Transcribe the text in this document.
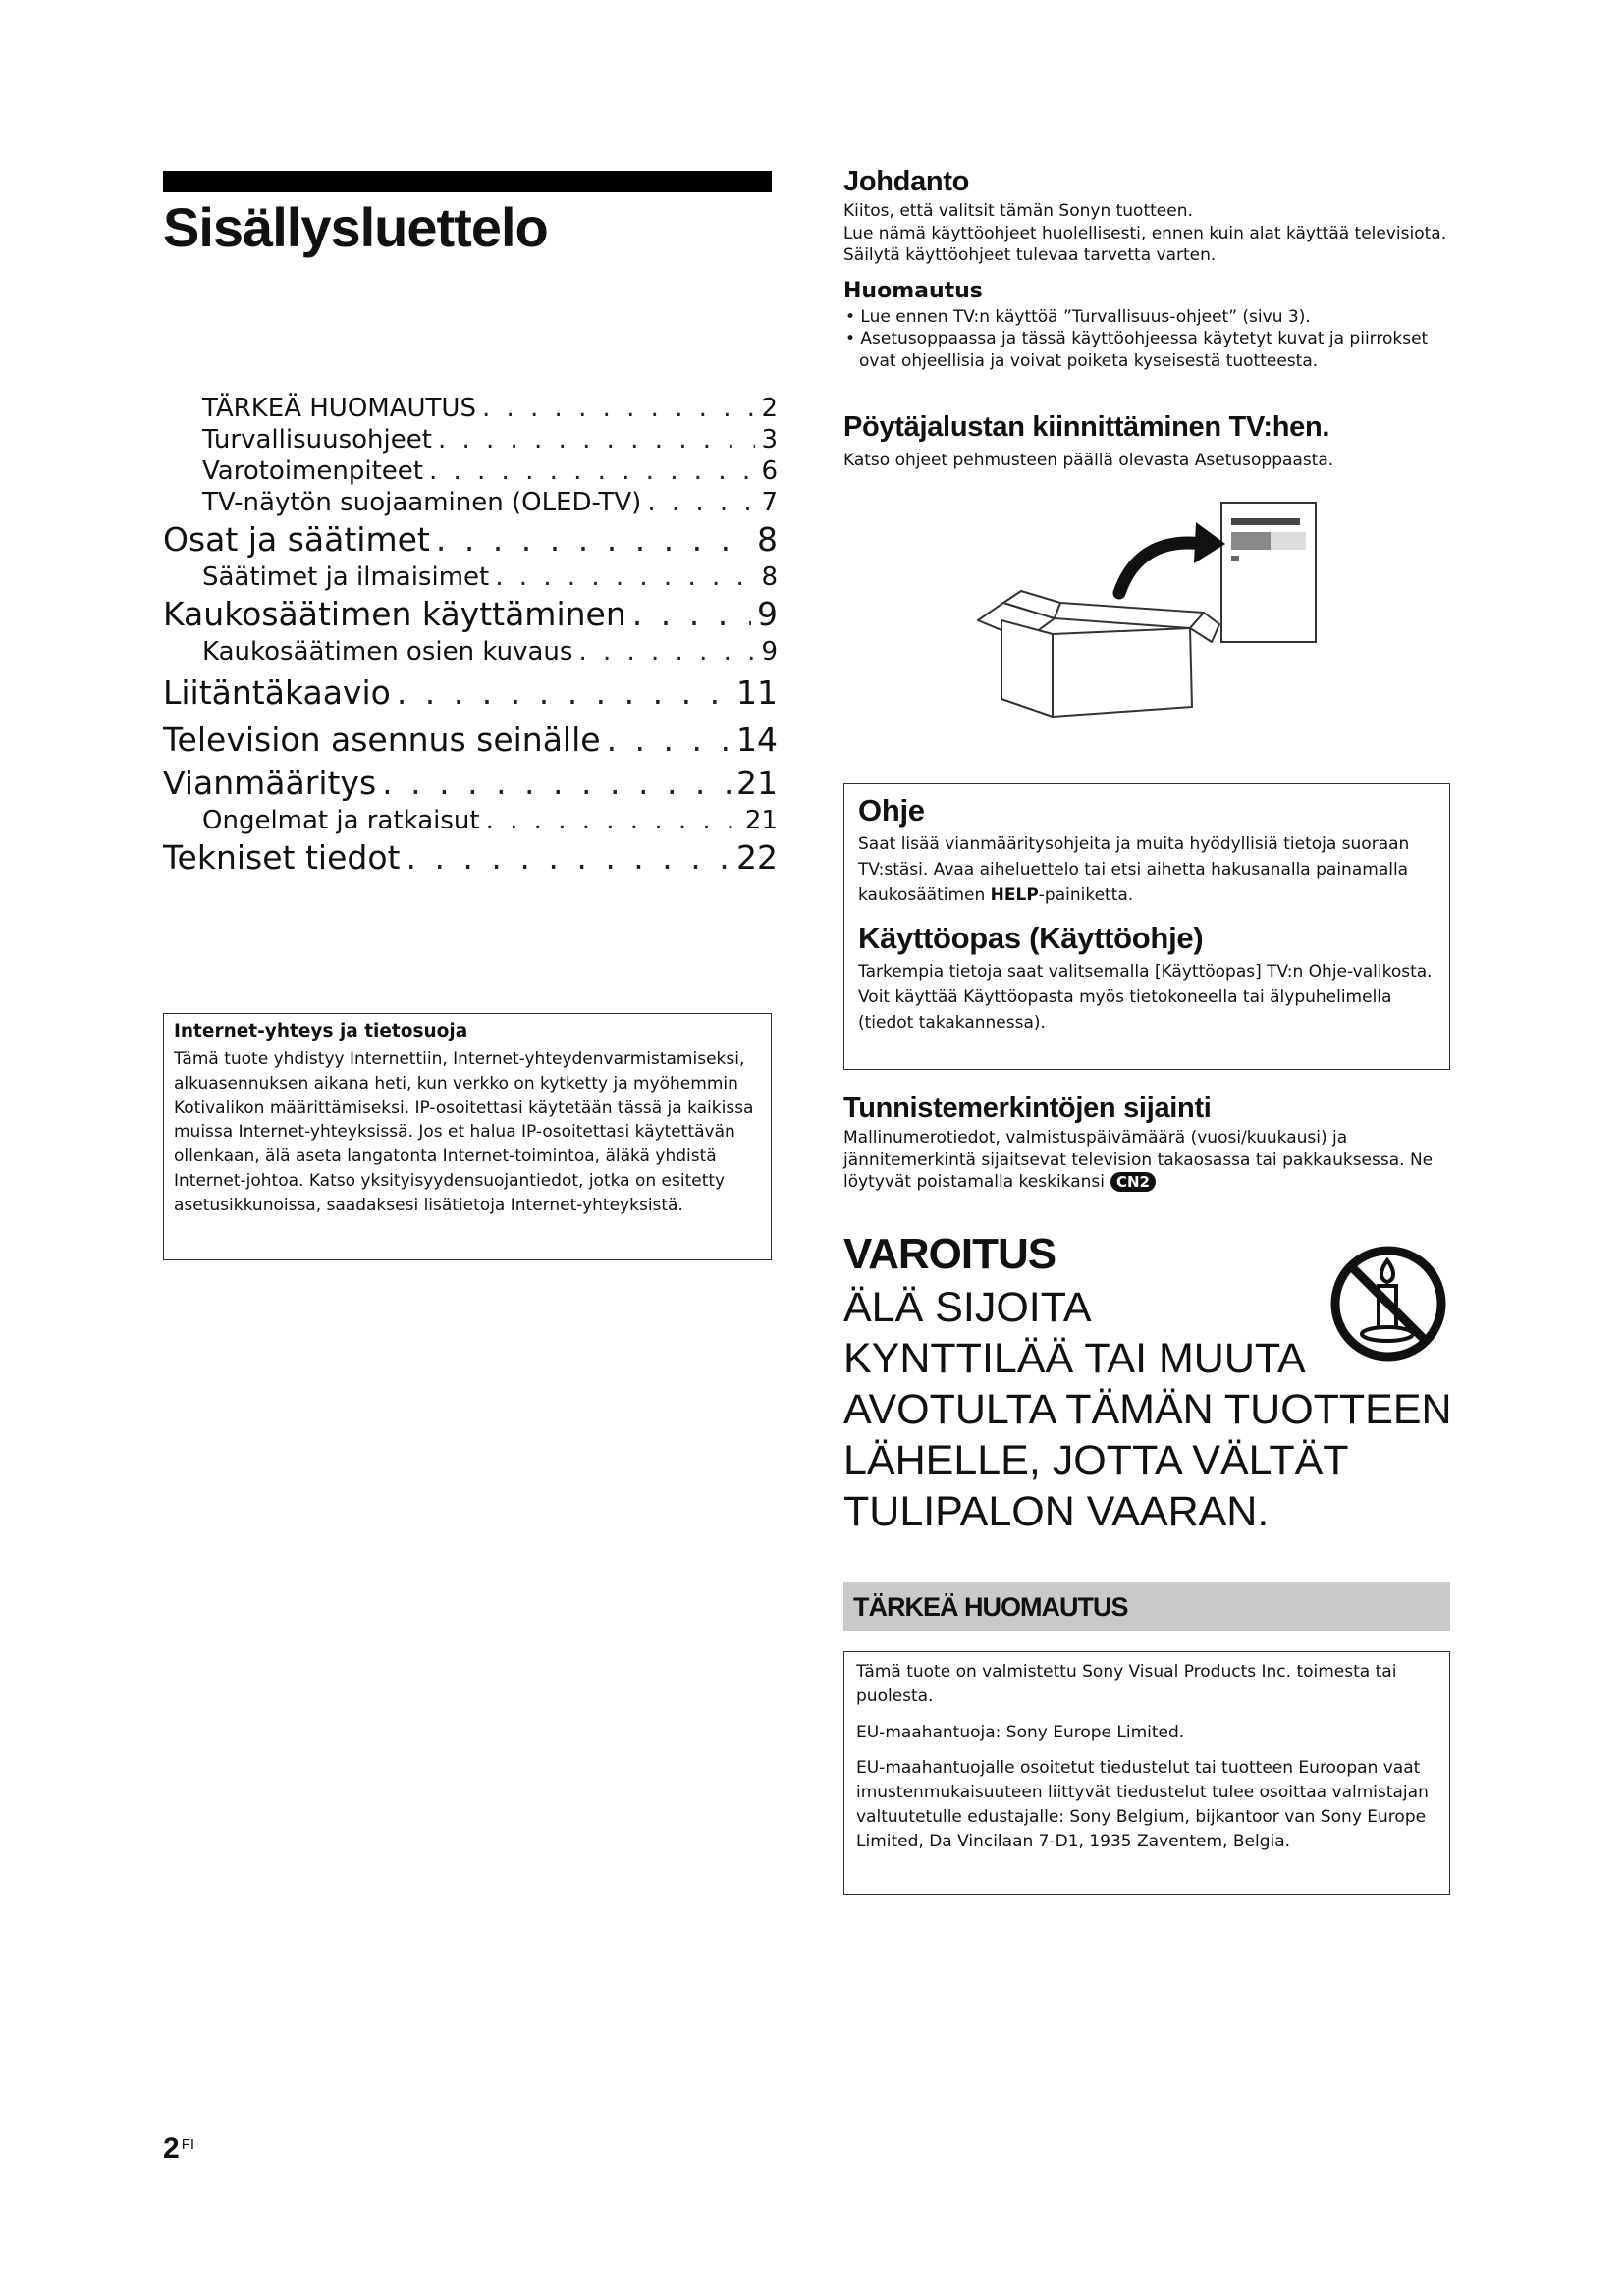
Sisällysluettelo
TÄRKEÄ HUOMAUTUS . . .	2
Turvallisuusohjeet . . .	3
Varotoimenpiteet . . .	6
TV-näytön suojaaminen (OLED-TV) . . .	7
Osat ja säätimet . . .	8
Säätimet ja ilmaisimet . . .	8
Kaukosäätimen käyttäminen . . .	9
Kaukosäätimen osien kuvaus . . .	9
Liitäntäkaavio . . .	11
Television asennus seinälle . . .	14
Vianmääritys . . .	21
Ongelmat ja ratkaisut . . .	21
Tekniset tiedot . . .	22
Internet-yhteys ja tietosuoja

Tämä tuote yhdistyy Internettiin, Internet-yhteydenvarmistamiseksi, alkuasennuksen aikana heti, kun verkko on kytketty ja myöhemmin Kotivalikon määrittämiseksi. IP-osoitettasi käytetään tässä ja kaikissa muissa Internet-yhteyksissä. Jos et halua IP-osoitettasi käytettävän ollenkaan, älä aseta langatonta Internet-toimintoa, äläkä yhdistä Internet-johtoa. Katso yksityisyydensuojantiedot, jotka on esitetty asetusikkunoissa, saadaksesi lisätietoja Internet-yhteyksistä.

2 $^{FI}$
Johdanto

Kiitos, että valitsit tämän Sonyn tuotteen.

Lue nämä käyttöohjeet huolellisesti, ennen kuin alat käyttää televisiota. Säilytä käyttöohjeet tulevaa tarvetta varten.

Huomautus

• Lue ennen TV:n käyttöä ”Turvallisuus-ohjeet” (sivu 3).

• Asetusoppaassa ja tässä käyttöohjeessa käytetyt kuvat ja piirrokset ovat ohjeellisia ja voivat poiketa kyseisestä tuotteesta.

Pöytäjalustan kiinnittäminen TV:hen.

Katso ohjeet pehmusteen päällä olevasta Asetusoppaasta.

Ohje

Saat lisää vianmääritysohjeita ja muita hyödyllisiä tietoja suoraan TV:stäsi. Avaa aiheluettelo tai etsi aihetta hakusanalla painamalla kaukosäätimen HELP-painiketta.

Käyttöopas (Käyttöohje)

Tarkempia tietoja saat valitsemalla [Käyttöopas] TV:n Ohje-valikosta. Voit käyttää Käyttöopasta myös tietokoneella tai älypuhelimella (tiedot takakannessa).

Tunnistemerkintöjen sijainti

Mallinumerotiedot, valmistuspäivämäärä (vuosi/kuukausi) ja jännitemerkintä sijaitsevat television takaosassa tai pakkauksessa. Ne löytyvät poistamalla keskikansi CN2

VAROITUS

ÄLÄ SIJOITA

KYNTTILÄÄ TAI MUUTA

AVOTULTA TÄMÄN TUOTTEEN

LÄHELLE, JOTTA VÄLTÄT

TULIPALON VAARAN.

TÄRKEÄ HUOMAUTUS

Tämä tuote on valmistettu Sony Visual Products Inc. toimesta tai puolesta.

EU-maahantuoja: Sony Europe Limited.

EU-maahantuojalle osoitetut tiedustelut tai tuotteen Euroopan vaat imustenmukaisuuteen liittyvät tiedustelut tulee osoittaa valmistajan valtuutetulle edustajalle: Sony Belgium, bijkantoor van Sony Europe Limited, Da Vincilaan 7-D1, 1935 Zaventem, Belgia.
